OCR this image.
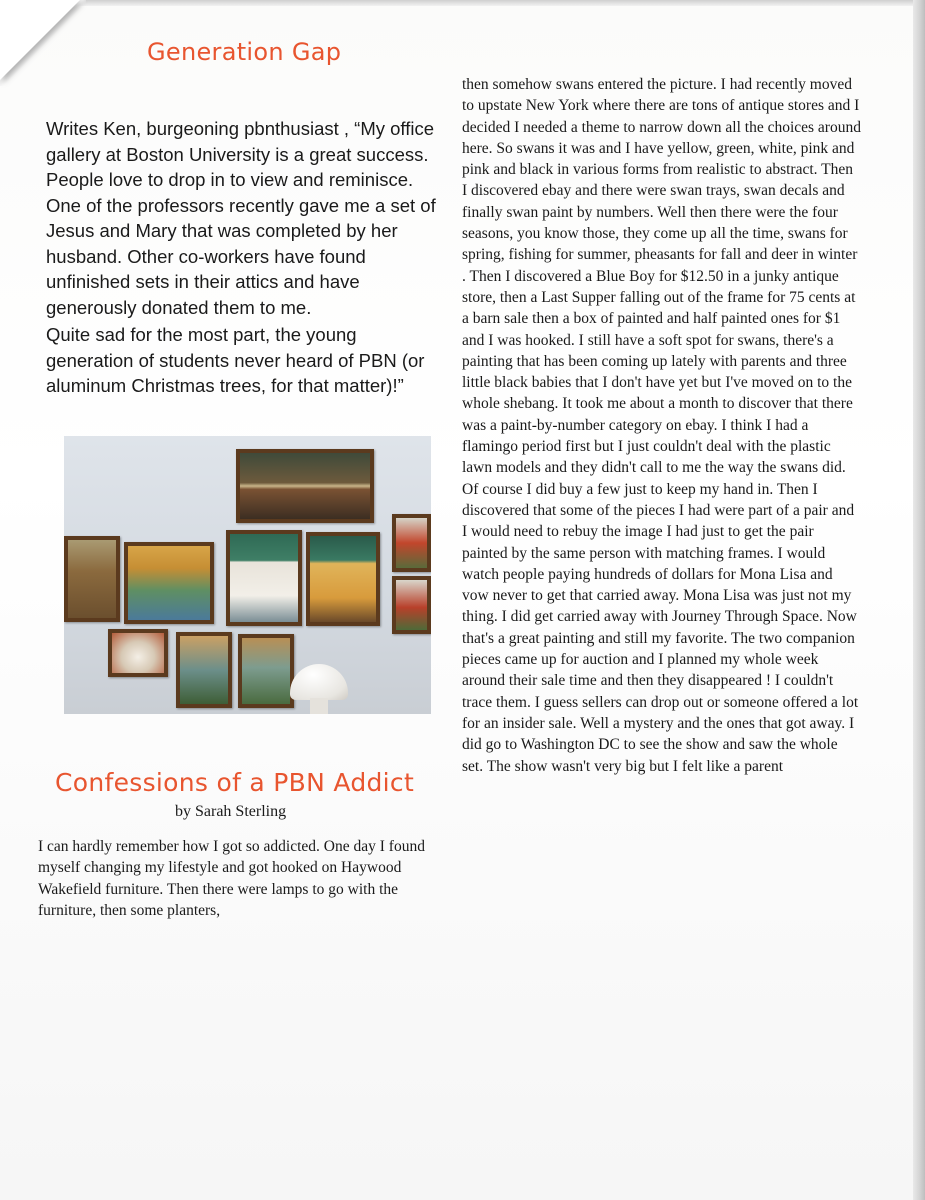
Generation Gap

Writes Ken, burgeoning pbnthusiast , “My office gallery at Boston University is a great success. People love to drop in to view and reminisce. One of the professors recently gave me a set of Jesus and Mary that was completed by her husband. Other co-workers have found unfinished sets in their attics and have generously donated them to me.

Quite sad for the most part, the young generation of students never heard of PBN (or aluminum Christmas trees, for that matter)!”

Confessions of a PBN Addict
by Sarah Sterling

I can hardly remember how I got so addicted. One day I found myself changing my lifestyle and got hooked on Haywood Wakefield furniture. Then there were lamps to go with the furniture, then some planters,

then somehow swans entered the picture. I had recently moved to upstate New York where there are tons of antique stores and I decided I needed a theme to narrow down all the choices around here. So swans it was and I have yellow, green, white, pink and pink and black in various forms from realistic to abstract. Then I discovered ebay and there were swan trays, swan decals and finally swan paint by numbers. Well then there were the four seasons, you know those, they come up all the time, swans for spring, fishing for summer, pheasants for fall and deer in winter . Then I discovered a Blue Boy for $12.50 in a junky antique store, then a Last Supper falling out of the frame for 75 cents at a barn sale then a box of painted and half painted ones for $1 and I was hooked. I still have a soft spot for swans, there's a painting that has been coming up lately with parents and three little black babies that I don't have yet but I've moved on to the whole shebang. It took me about a month to discover that there was a paint-by-number category on ebay. I think I had a flamingo period first but I just couldn't deal with the plastic lawn models and they didn't call to me the way the swans did. Of course I did buy a few just to keep my hand in. Then I discovered that some of the pieces I had were part of a pair and I would need to rebuy the image I had just to get the pair painted by the same person with matching frames. I would watch people paying hundreds of dollars for Mona Lisa and vow never to get that carried away. Mona Lisa was just not my thing. I did get carried away with Journey Through Space. Now that's a great painting and still my favorite. The two companion pieces came up for auction and I planned my whole week around their sale time and then they disappeared ! I couldn't trace them. I guess sellers can drop out or someone offered a lot for an insider sale. Well a mystery and the ones that got away. I did go to Washington DC to see the show and saw the whole set. The show wasn't very big but I felt like a parent
